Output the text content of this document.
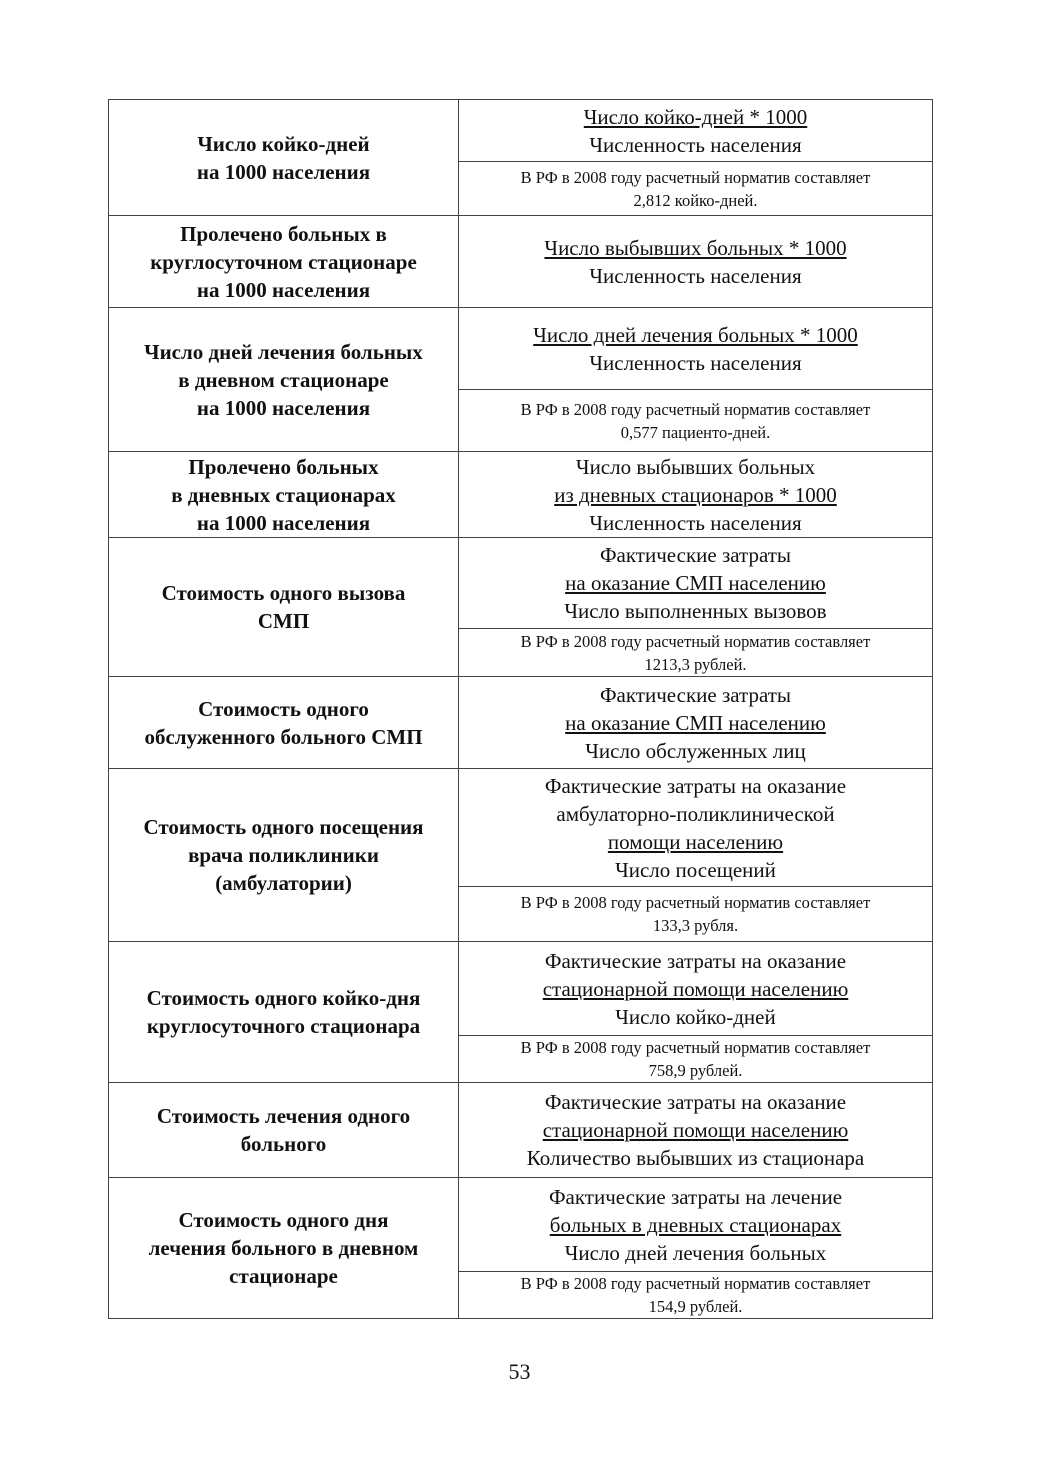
Число койко-дней
на 1000 населения	Число койко-дней * 1000
Численность населения

	В РФ в 2008 году расчетный норматив составляет
2,812 койко-дней.

Пролечено больных в
круглосуточном стационаре
на 1000 населения	Число выбывших больных * 1000
Численность населения

Число дней лечения больных
в дневном стационаре
на 1000 населения	Число дней лечения больных * 1000
Численность населения

	В РФ в 2008 году расчетный норматив составляет
0,577 пациенто-дней.

Пролечено больных
в дневных стационарах
на 1000 населения	Число выбывших больных
из дневных стационаров * 1000
Численность населения

Стоимость одного вызова
СМП	Фактические затраты
на оказание СМП населению
Число выполненных вызовов

	В РФ в 2008 году расчетный норматив составляет
1213,3 рублей.

Стоимость одного
обслуженного больного СМП	Фактические затраты
на оказание СМП населению
Число обслуженных лиц

Стоимость одного посещения
врача поликлиники
(амбулатории)	Фактические затраты на оказание
амбулаторно-поликлинической
помощи населению
Число посещений

	В РФ в 2008 году расчетный норматив составляет
133,3 рубля.

Стоимость одного койко-дня
круглосуточного стационара	Фактические затраты на оказание
стационарной помощи населению
Число койко-дней

	В РФ в 2008 году расчетный норматив составляет
758,9 рублей.

Стоимость лечения одного
больного	Фактические затраты на оказание
стационарной помощи населению
Количество выбывших из стационара

Стоимость одного дня
лечения больного в дневном
стационаре	Фактические затраты на лечение
больных в дневных стационарах
Число дней лечения больных

	В РФ в 2008 году расчетный норматив составляет
154,9 рублей.
53
